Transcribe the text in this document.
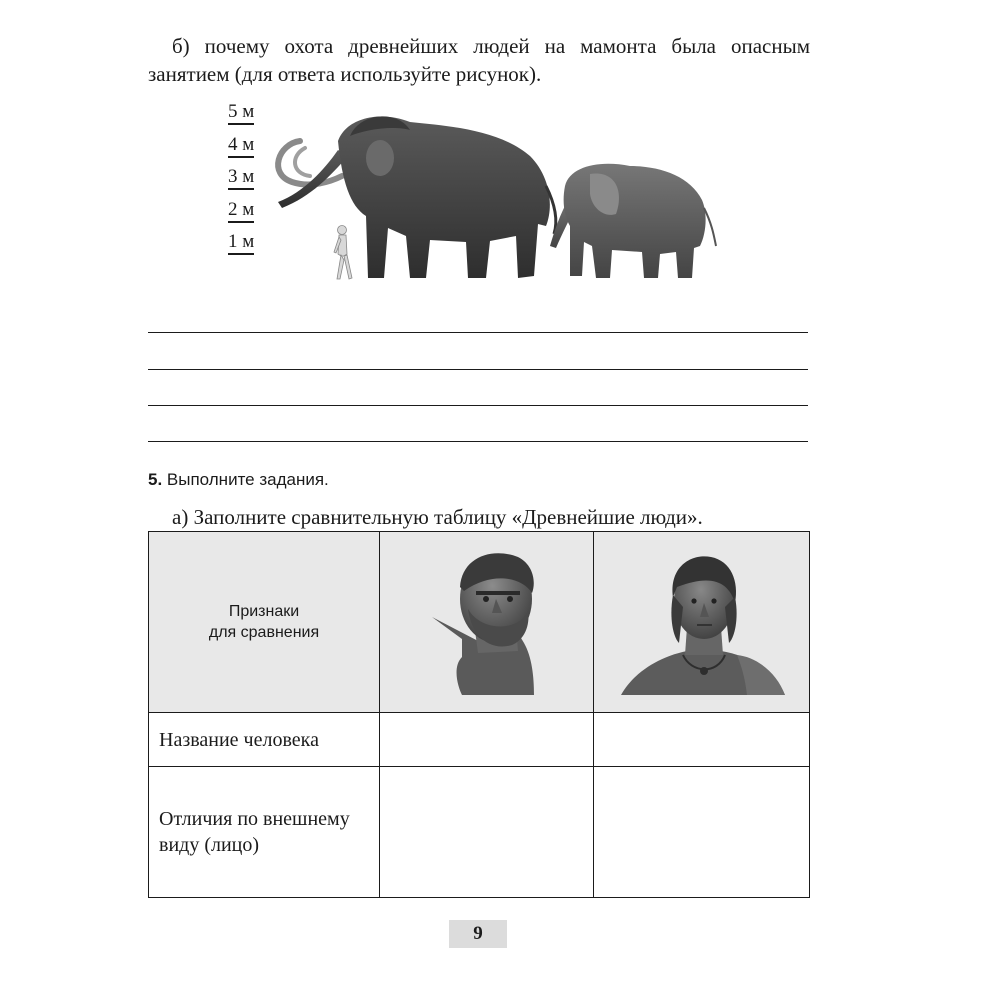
б) почему охота древнейших людей на мамонта была опасным
занятием (для ответа используйте рисунок).
5 м
4 м
3 м
2 м
1 м
5. Выполните задания.
а) Заполните сравнительную таблицу «Древнейшие люди».
Признаки
для сравнения

Название человека		

Отличия по внешнему
виду (лицо)		

9
